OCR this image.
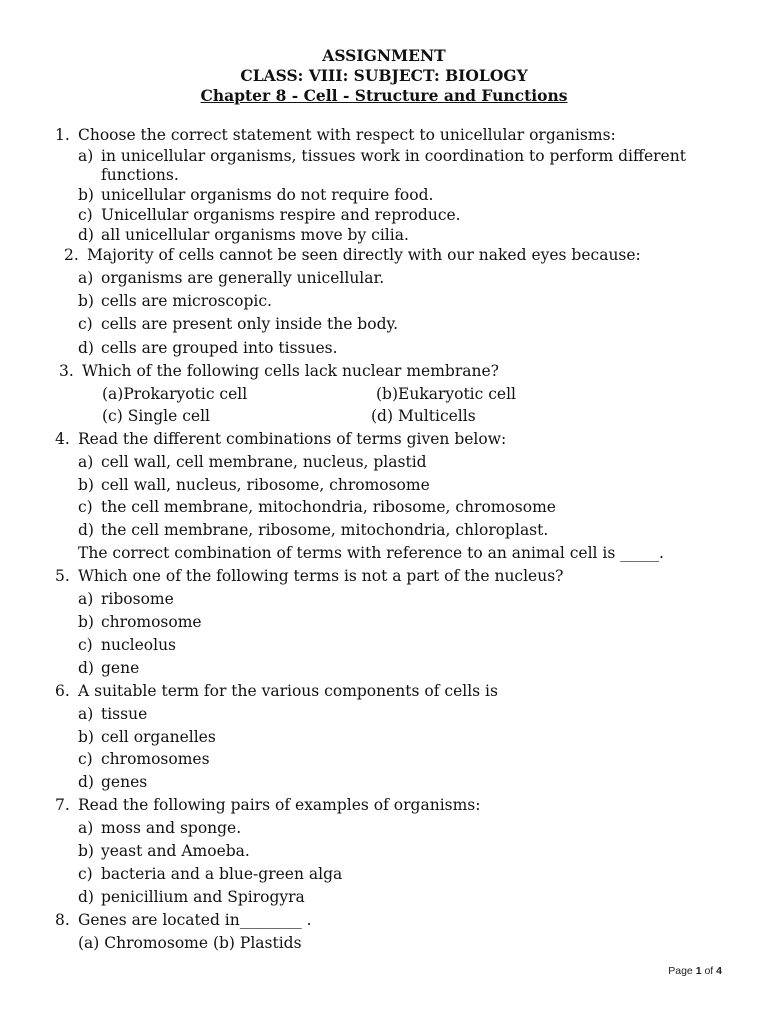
ASSIGNMENT
CLASS: VIII: SUBJECT: BIOLOGY
Chapter 8 - Cell - Structure and Functions
1. Choose the correct statement with respect to unicellular organisms:
a) in unicellular organisms, tissues work in coordination to perform different
functions.
b) unicellular organisms do not require food.
c) Unicellular organisms respire and reproduce.
d) all unicellular organisms move by cilia.
2. Majority of cells cannot be seen directly with our naked eyes because:
a) organisms are generally unicellular.
b) cells are microscopic.
c) cells are present only inside the body.
d) cells are grouped into tissues.
3. Which of the following cells lack nuclear membrane?
(a)Prokaryotic cell	(b)Eukaryotic cell
(c) Single cell	(d) Multicells
4. Read the different combinations of terms given below:
a) cell wall, cell membrane, nucleus, plastid
b) cell wall, nucleus, ribosome, chromosome
c) the cell membrane, mitochondria, ribosome, chromosome
d) the cell membrane, ribosome, mitochondria, chloroplast.
The correct combination of terms with reference to an animal cell is _____.
5. Which one of the following terms is not a part of the nucleus?
a) ribosome
b) chromosome
c) nucleolus
d) gene
6. A suitable term for the various components of cells is
a) tissue
b) cell organelles
c) chromosomes
d) genes
7. Read the following pairs of examples of organisms:
a) moss and sponge.
b) yeast and Amoeba.
c) bacteria and a blue-green alga
d) penicillium and Spirogyra
8. Genes are located in________ .
(a) Chromosome (b) Plastids
Page 1 of 4
